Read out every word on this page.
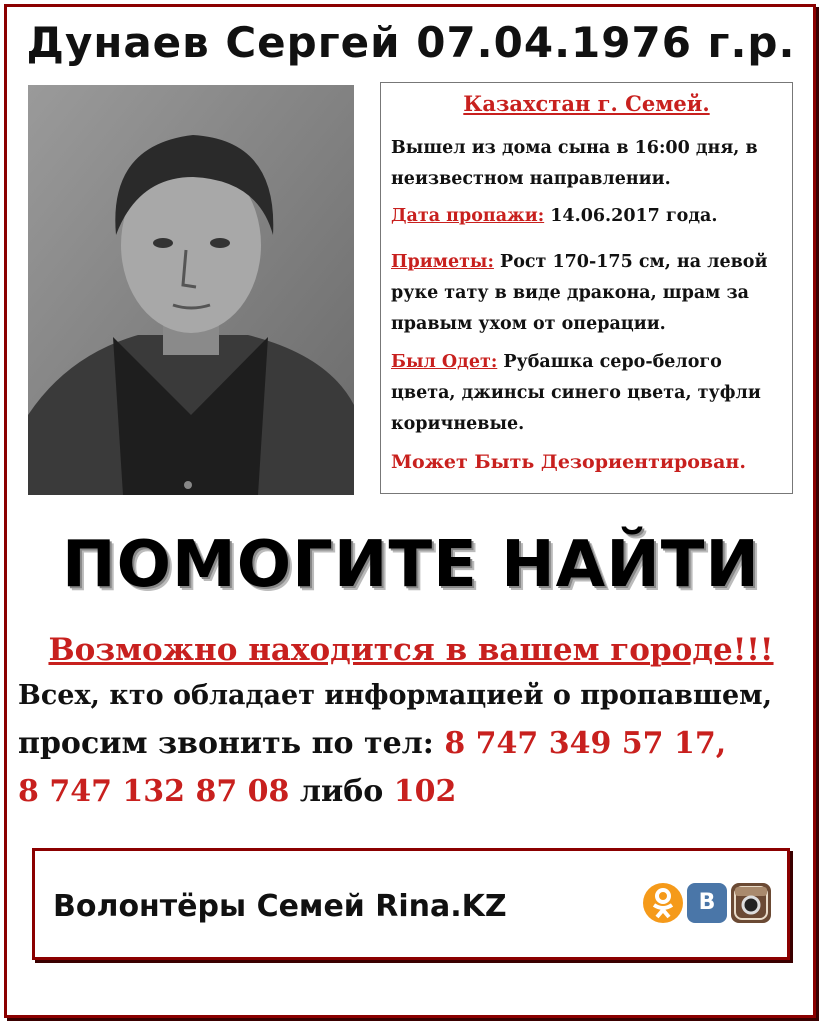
Дунаев Сергей 07.04.1976 г.р.
Казахстан г. Семей.
Вышел из дома сына в 16:00 дня, в неизвестном направлении.
Дата пропажи: 14.06.2017 года.
Приметы: Рост 170-175 см, на левой руке тату в виде дракона, шрам за правым ухом от операции.
Был Одет: Рубашка серо-белого цвета, джинсы синего цвета, туфли коричневые.
Может Быть Дезориентирован.
ПОМОГИТЕ НАЙТИ
Возможно находится в вашем городе!!!
Всех, кто обладает информацией о пропавшем,
просим звонить по тел: 8 747 349 57 17,
8 747 132 87 08 либо 102
Волонтёры Семей Rina.KZ	В
